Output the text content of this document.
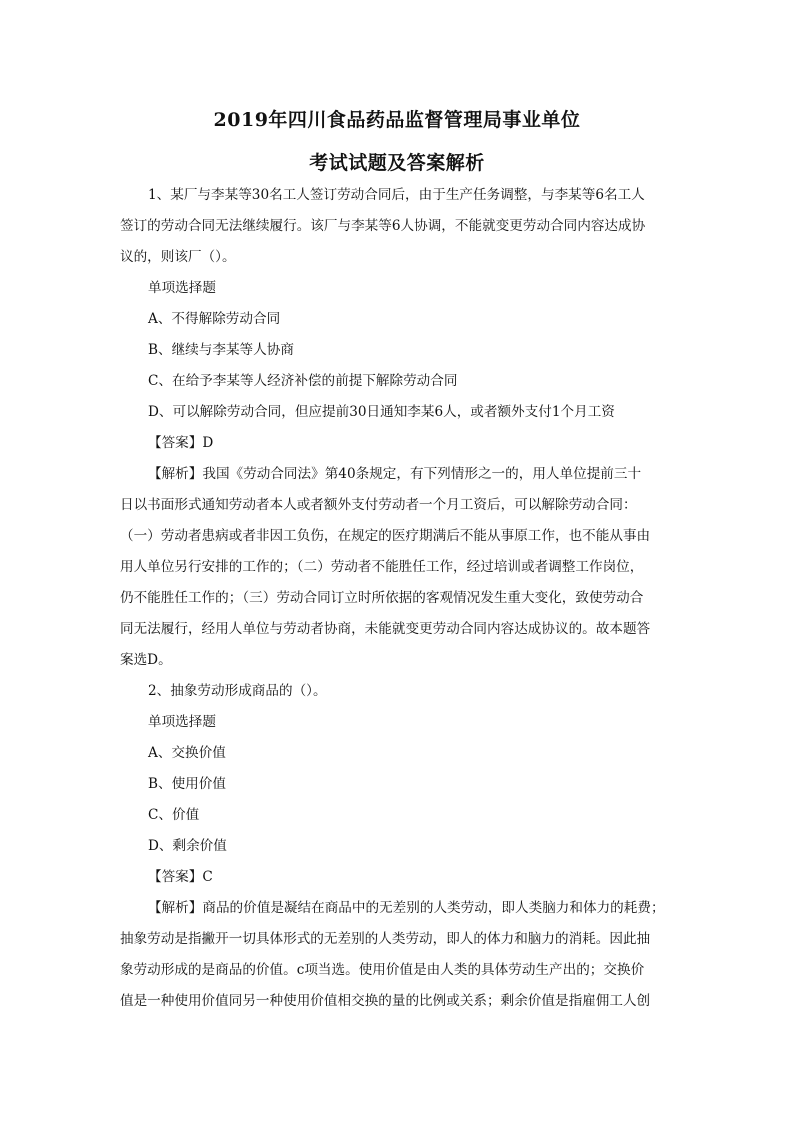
2019年四川食品药品监督管理局事业单位
考试试题及答案解析

1、某厂与李某等30名工人签订劳动合同后，由于生产任务调整，与李某等6名工人

签订的劳动合同无法继续履行。该厂与李某等6人协调，不能就变更劳动合同内容达成协

议的，则该厂（）。

单项选择题

A、不得解除劳动合同

B、继续与李某等人协商

C、在给予李某等人经济补偿的前提下解除劳动合同

D、可以解除劳动合同，但应提前30日通知李某6人，或者额外支付1个月工资

【答案】D

【解析】我国《劳动合同法》第40条规定，有下列情形之一的，用人单位提前三十

日以书面形式通知劳动者本人或者额外支付劳动者一个月工资后，可以解除劳动合同：

（一）劳动者患病或者非因工负伤，在规定的医疗期满后不能从事原工作，也不能从事由

用人单位另行安排的工作的；（二）劳动者不能胜任工作，经过培训或者调整工作岗位，

仍不能胜任工作的；（三）劳动合同订立时所依据的客观情况发生重大变化，致使劳动合

同无法履行，经用人单位与劳动者协商，未能就变更劳动合同内容达成协议的。故本题答

案选D。

2、抽象劳动形成商品的（）。

单项选择题

A、交换价值

B、使用价值

C、价值

D、剩余价值

【答案】C

【解析】商品的价值是凝结在商品中的无差别的人类劳动，即人类脑力和体力的耗费；

抽象劳动是指撇开一切具体形式的无差别的人类劳动，即人的体力和脑力的消耗。因此抽

象劳动形成的是商品的价值。c项当选。使用价值是由人类的具体劳动生产出的；交换价

值是一种使用价值同另一种使用价值相交换的量的比例或关系；剩余价值是指雇佣工人创
